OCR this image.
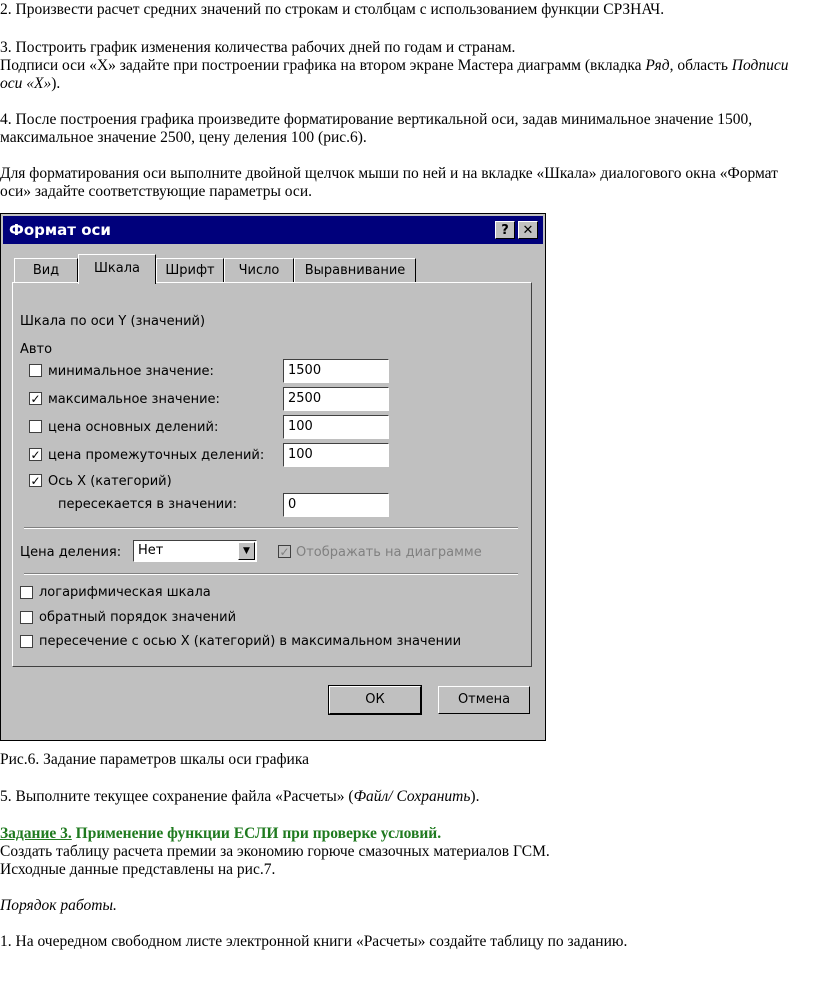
2. Произвести расчет средних значений по строкам и столбцам с использованием функции СРЗНАЧ.

3. Построить график изменения количества рабочих дней по годам и странам.

Подписи оси «Х» задайте при построении графика на втором экране Мастера диаграмм (вкладка Ряд, область Подписи

оси «Х»).

4. После построения графика произведите форматирование вертикальной оси, задав минимальное значение 1500,

максимальное значение 2500, цену деления 100 (рис.6).

Для форматирования оси выполните двойной щелчок мыши по ней и на вкладке «Шкала» диалогового окна «Формат

оси» задайте соответствующие параметры оси.

Формат оси	?	✕
Вид	Шкала	Шрифт	Число	Выравнивание
Шкала по оси Y (значений)
Авто
минимальное значение:	1500
✓ максимальное значение:	2500
цена основных делений:	100
✓ цена промежуточных делений:	100
✓ Ось X (категорий)
пересекается в значении:	0
Цена деления:	Нет	▼	✓ Отображать на диаграмме
логарифмическая шкала
обратный порядок значений
пересечение с осью X (категорий) в максимальном значении
ОК	Отмена

Рис.6. Задание параметров шкалы оси графика

5. Выполните текущее сохранение файла «Расчеты» (Файл/ Сохранить).

Задание 3. Применение функции ЕСЛИ при проверке условий.

Создать таблицу расчета премии за экономию горюче смазочных материалов ГСМ.

Исходные данные представлены на рис.7.

Порядок работы.

1. На очередном свободном листе электронной книги «Расчеты» создайте таблицу по заданию.
